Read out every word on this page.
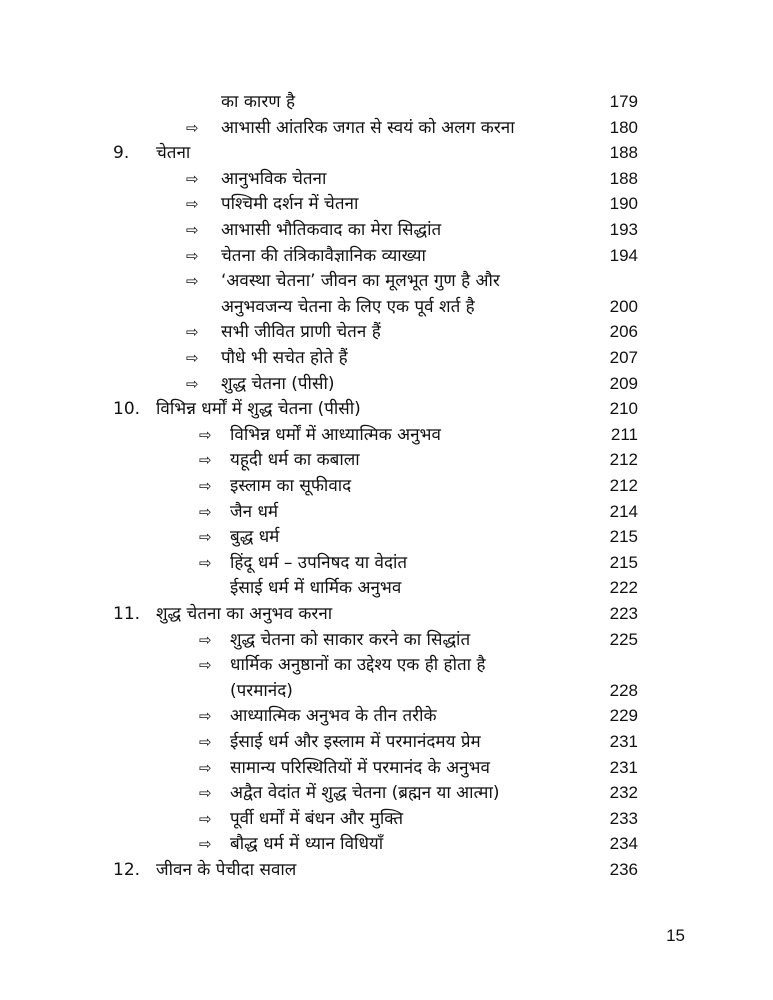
का कारण है	179
⇨ आभासी आंतरिक जगत से स्वयं को अलग करना	180
9. चेतना	188
⇨ आनुभविक चेतना	188
⇨ पश्चिमी दर्शन में चेतना	190
⇨ आभासी भौतिकवाद का मेरा सिद्धांत	193
⇨ चेतना की तंत्रिकावैज्ञानिक व्याख्या	194
⇨ ‘अवस्था चेतना’ जीवन का मूलभूत गुण है और
अनुभवजन्य चेतना के लिए एक पूर्व शर्त है	200
⇨ सभी जीवित प्राणी चेतन हैं	206
⇨ पौधे भी सचेत होते हैं	207
⇨ शुद्ध चेतना (पीसी)	209
10. विभिन्न धर्मों में शुद्ध चेतना (पीसी)	210
⇨ विभिन्न धर्मों में आध्यात्मिक अनुभव	211
⇨ यहूदी धर्म का कबाला	212
⇨ इस्लाम का सूफीवाद	212
⇨ जैन धर्म	214
⇨ बुद्ध धर्म	215
⇨ हिंदू धर्म – उपनिषद या वेदांत	215
ईसाई धर्म में धार्मिक अनुभव	222
11. शुद्ध चेतना का अनुभव करना	223
⇨ शुद्ध चेतना को साकार करने का सिद्धांत	225
⇨ धार्मिक अनुष्ठानों का उद्देश्य एक ही होता है
(परमानंद)	228
⇨ आध्यात्मिक अनुभव के तीन तरीके	229
⇨ ईसाई धर्म और इस्लाम में परमानंदमय प्रेम	231
⇨ सामान्य परिस्थितियों में परमानंद के अनुभव	231
⇨ अद्वैत वेदांत में शुद्ध चेतना (ब्रह्मन या आत्मा)	232
⇨ पूर्वी धर्मों में बंधन और मुक्ति	233
⇨ बौद्ध धर्म में ध्यान विधियाँ	234
12. जीवन के पेचीदा सवाल	236
15
